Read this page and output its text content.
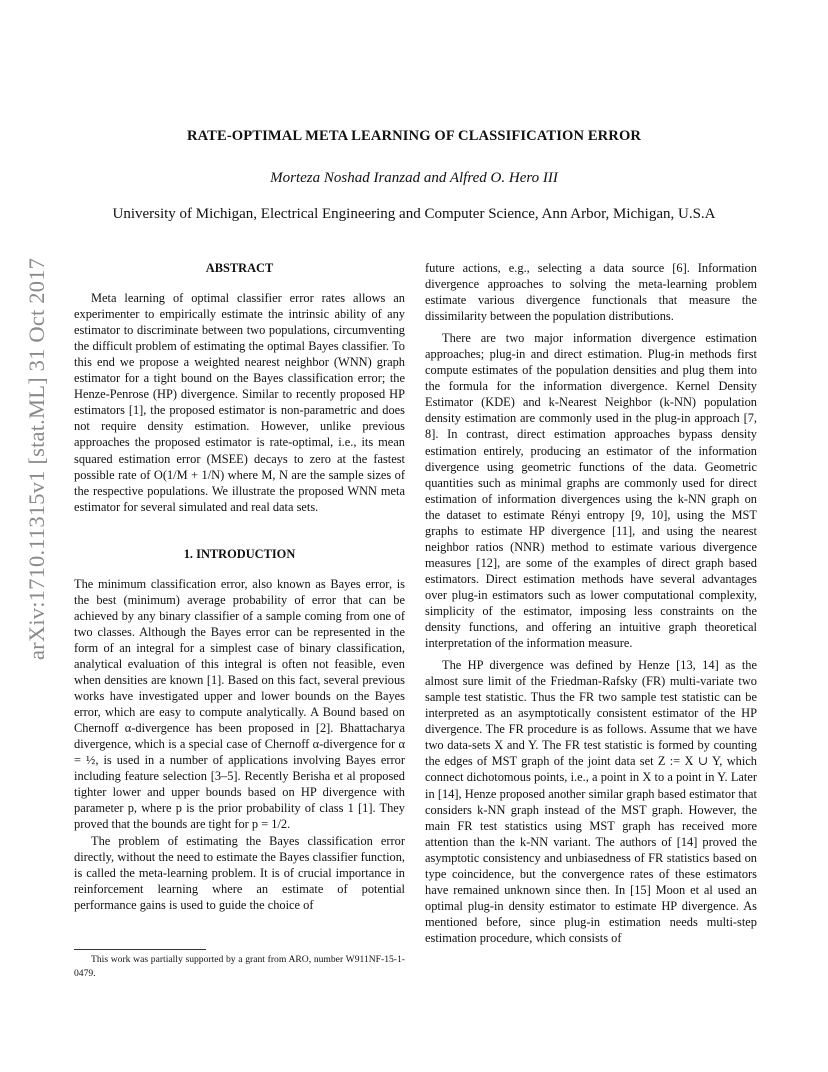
arXiv:1710.11315v1 [stat.ML] 31 Oct 2017
RATE-OPTIMAL META LEARNING OF CLASSIFICATION ERROR
Morteza Noshad Iranzad and Alfred O. Hero III
University of Michigan, Electrical Engineering and Computer Science, Ann Arbor, Michigan, U.S.A
ABSTRACT

Meta learning of optimal classifier error rates allows an experimenter to empirically estimate the intrinsic ability of any estimator to discriminate between two populations, circumventing the difficult problem of estimating the optimal Bayes classifier. To this end we propose a weighted nearest neighbor (WNN) graph estimator for a tight bound on the Bayes classification error; the Henze-Penrose (HP) divergence. Similar to recently proposed HP estimators [1], the proposed estimator is non-parametric and does not require density estimation. However, unlike previous approaches the proposed estimator is rate-optimal, i.e., its mean squared estimation error (MSEE) decays to zero at the fastest possible rate of O(1/M + 1/N) where M, N are the sample sizes of the respective populations. We illustrate the proposed WNN meta estimator for several simulated and real data sets.

1. INTRODUCTION

The minimum classification error, also known as Bayes error, is the best (minimum) average probability of error that can be achieved by any binary classifier of a sample coming from one of two classes. Although the Bayes error can be represented in the form of an integral for a simplest case of binary classification, analytical evaluation of this integral is often not feasible, even when densities are known [1]. Based on this fact, several previous works have investigated upper and lower bounds on the Bayes error, which are easy to compute analytically. A Bound based on Chernoff α-divergence has been proposed in [2]. Bhattacharya divergence, which is a special case of Chernoff α-divergence for α = ½, is used in a number of applications involving Bayes error including feature selection [3–5]. Recently Berisha et al proposed tighter lower and upper bounds based on HP divergence with parameter p, where p is the prior probability of class 1 [1]. They proved that the bounds are tight for p = 1/2.

The problem of estimating the Bayes classification error directly, without the need to estimate the Bayes classifier function, is called the meta-learning problem. It is of crucial importance in reinforcement learning where an estimate of potential performance gains is used to guide the choice of

future actions, e.g., selecting a data source [6]. Information divergence approaches to solving the meta-learning problem estimate various divergence functionals that measure the dissimilarity between the population distributions.

There are two major information divergence estimation approaches; plug-in and direct estimation. Plug-in methods first compute estimates of the population densities and plug them into the formula for the information divergence. Kernel Density Estimator (KDE) and k-Nearest Neighbor (k-NN) population density estimation are commonly used in the plug-in approach [7, 8]. In contrast, direct estimation approaches bypass density estimation entirely, producing an estimator of the information divergence using geometric functions of the data. Geometric quantities such as minimal graphs are commonly used for direct estimation of information divergences using the k-NN graph on the dataset to estimate Rényi entropy [9, 10], using the MST graphs to estimate HP divergence [11], and using the nearest neighbor ratios (NNR) method to estimate various divergence measures [12], are some of the examples of direct graph based estimators. Direct estimation methods have several advantages over plug-in estimators such as lower computational complexity, simplicity of the estimator, imposing less constraints on the density functions, and offering an intuitive graph theoretical interpretation of the information measure.

The HP divergence was defined by Henze [13, 14] as the almost sure limit of the Friedman-Rafsky (FR) multi-variate two sample test statistic. Thus the FR two sample test statistic can be interpreted as an asymptotically consistent estimator of the HP divergence. The FR procedure is as follows. Assume that we have two data-sets X and Y. The FR test statistic is formed by counting the edges of MST graph of the joint data set Z := X ∪ Y, which connect dichotomous points, i.e., a point in X to a point in Y. Later in [14], Henze proposed another similar graph based estimator that considers k-NN graph instead of the MST graph. However, the main FR test statistics using MST graph has received more attention than the k-NN variant. The authors of [14] proved the asymptotic consistency and unbiasedness of FR statistics based on type coincidence, but the convergence rates of these estimators have remained unknown since then. In [15] Moon et al used an optimal plug-in density estimator to estimate HP divergence. As mentioned before, since plug-in estimation needs multi-step estimation procedure, which consists of

This work was partially supported by a grant from ARO, number W911NF-15-1-0479.
